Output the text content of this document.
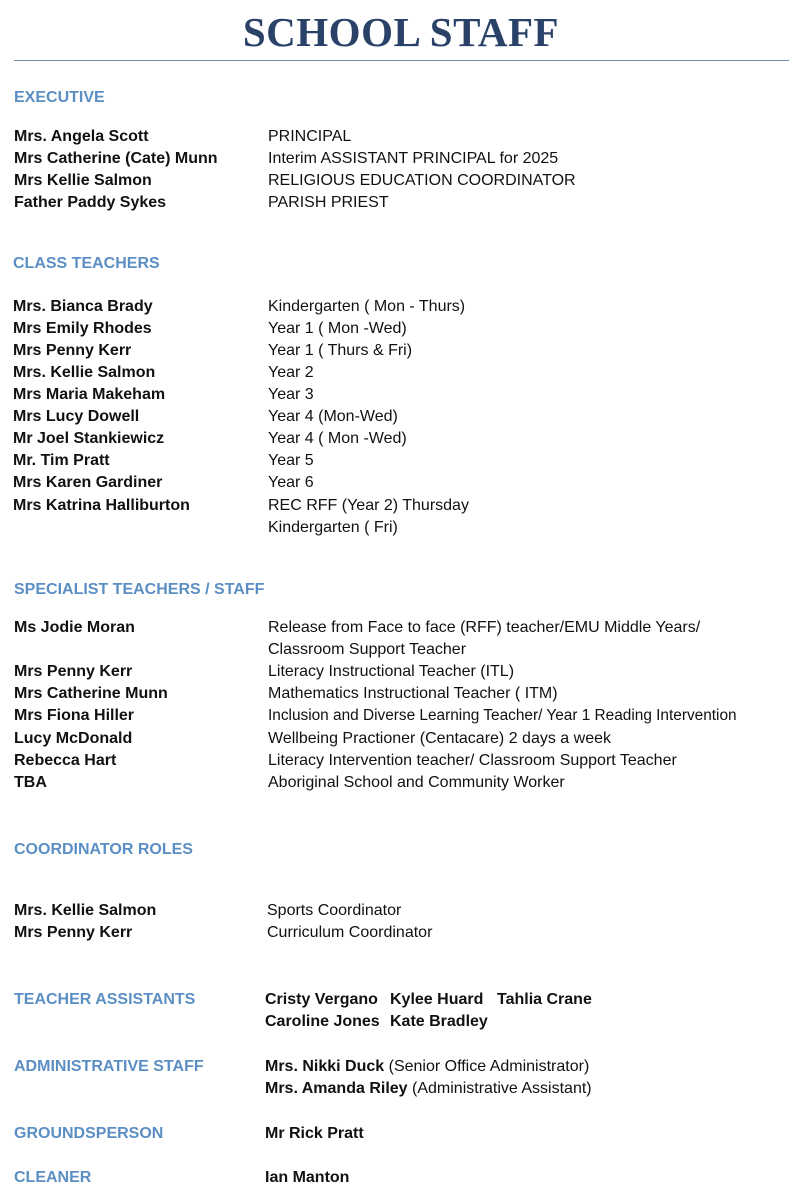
SCHOOL STAFF
EXECUTIVE
Mrs. Angela Scott	PRINCIPAL
Mrs Catherine (Cate) Munn	Interim ASSISTANT PRINCIPAL for 2025
Mrs Kellie Salmon	RELIGIOUS EDUCATION COORDINATOR
Father Paddy Sykes	PARISH PRIEST
CLASS TEACHERS
Mrs. Bianca Brady	Kindergarten ( Mon - Thurs)
Mrs Emily Rhodes	Year 1 ( Mon -Wed)
Mrs Penny Kerr	Year 1 ( Thurs & Fri)
Mrs. Kellie Salmon	Year 2
Mrs Maria Makeham	Year 3
Mrs Lucy Dowell	Year 4 (Mon-Wed)
Mr Joel Stankiewicz	Year 4 ( Mon -Wed)
Mr. Tim Pratt	Year 5
Mrs Karen Gardiner	Year 6
Mrs Katrina Halliburton	REC RFF (Year 2) Thursday
Kindergarten ( Fri)
SPECIALIST TEACHERS / STAFF
Ms Jodie Moran	Release from Face to face (RFF) teacher/EMU Middle Years/
Classroom Support Teacher
Mrs Penny Kerr	Literacy Instructional Teacher (ITL)
Mrs Catherine Munn	Mathematics Instructional Teacher ( ITM)
Mrs Fiona Hiller	Inclusion and Diverse Learning Teacher/ Year 1 Reading Intervention
Lucy McDonald	Wellbeing Practioner (Centacare) 2 days a week
Rebecca Hart	Literacy Intervention teacher/ Classroom Support Teacher
TBA	Aboriginal School and Community Worker
COORDINATOR ROLES
Mrs. Kellie Salmon	Sports Coordinator
Mrs Penny Kerr	Curriculum Coordinator
TEACHER ASSISTANTS	Cristy Vergano Kylee Huard Tahlia Crane
Caroline Jones Kate Bradley
ADMINISTRATIVE STAFF	Mrs. Nikki Duck (Senior Office Administrator)
Mrs. Amanda Riley (Administrative Assistant)
GROUNDSPERSON	Mr Rick Pratt
CLEANER	Ian Manton
